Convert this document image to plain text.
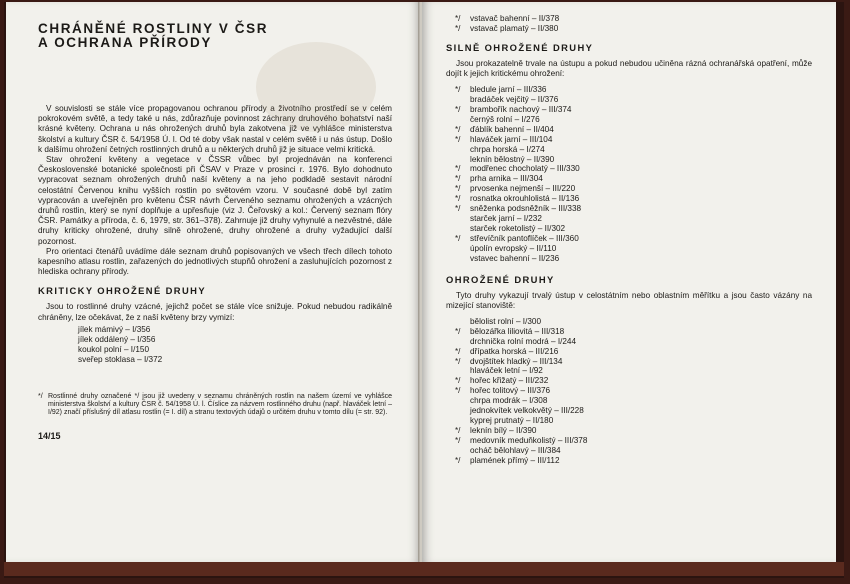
CHRÁNĚNÉ ROSTLINY V ČSR
A OCHRANA PŘÍRODY

V souvislosti se stále více propagovanou ochranou přírody a životního prostředí se v celém pokrokovém světě, a tedy také u nás, zdůrazňuje povinnost záchrany druhového bohatství naší krásné květeny. Ochrana u nás ohrožených druhů byla zakotvena již ve vyhlášce ministerstva školství a kultury ČSR č. 54/1958 Ú. l. Od té doby však nastal v celém světě i u nás ústup. Došlo k dalšímu ohrožení četných rostlinných druhů a u některých druhů již je situace velmi kritická.

Stav ohrožení květeny a vegetace v ČSSR vůbec byl projednáván na konferenci Československé botanické společnosti při ČSAV v Praze v prosinci r. 1976. Bylo dohodnuto vypracovat seznam ohrožených druhů naší květeny a na jeho podkladě sestavit národní celostátní Červenou knihu vyšších rostlin po světovém vzoru. V současné době byl zatím vypracován a uveřejněn pro květenu ČSR návrh Červeného seznamu ohrožených a vzácných druhů rostlin, který se nyní doplňuje a upřesňuje (viz J. Čeřovský a kol.: Červený seznam flóry ČSR. Památky a příroda, č. 6, 1979, str. 361–378). Zahrnuje již druhy vyhynulé a nezvěstné, dále druhy kriticky ohrožené, druhy silně ohrožené, druhy ohrožené a druhy vyžadující další pozornost.

Pro orientaci čtenářů uvádíme dále seznam druhů popisovaných ve všech třech dílech tohoto kapesního atlasu rostlin, zařazených do jednotlivých stupňů ohrožení a zasluhujících pozornost z hlediska ochrany přírody.

KRITICKY OHROŽENÉ DRUHY

Jsou to rostlinné druhy vzácné, jejichž počet se stále více snižuje. Pokud nebudou radikálně chráněny, lze očekávat, že z naší květeny brzy vymizí:

jílek mámivý – I/356
jílek oddálený – I/356
koukol polní – I/150
sveřep stoklasa – I/372
*/ Rostlinné druhy označené */ jsou již uvedeny v seznamu chráněných rostlin na našem území ve vyhlášce ministerstva školství a kultury ČSR č. 54/1958 Ú. l. Číslice za názvem rostlinného druhu (např. hlaváček letní – I/92) značí příslušný díl atlasu rostlin (= I. díl) a stranu textových údajů o určitém druhu v tomto dílu (= str. 92).
14/15
*/ vstavač bahenní – II/378
*/ vstavač plamatý – II/380
SILNĚ OHROŽENÉ DRUHY

Jsou prokazatelně trvale na ústupu a pokud nebudou učiněna rázná ochranářská opatření, může dojít k jejich kritickému ohrožení:

*/ bledule jarní – III/336
bradáček vejčitý – II/376
*/ brambořík nachový – III/374
černýš rolní – I/276
*/ ďáblík bahenní – II/404
*/ hlaváček jarní – III/104
chrpa horská – I/274
leknín bělostný – II/390
*/ modřenec chocholatý – III/330
*/ prha arnika – III/304
*/ prvosenka nejmenší – III/220
*/ rosnatka okrouhlolistá – II/136
*/ sněženka podsněžník – III/338
starček jarní – I/232
starček roketolistý – II/302
*/ střevíčník pantoflíček – III/360
úpolín evropský – II/110
vstavec bahenní – II/236
OHROŽENÉ DRUHY

Tyto druhy vykazují trvalý ústup v celostátním nebo oblastním měřítku a jsou často vázány na mizející stanoviště:

bělolist rolní – I/300
*/ bělozářka liliovitá – III/318
drchnička rolní modrá – I/244
*/ dřípatka horská – III/216
*/ dvojštítek hladký – III/134
hlaváček letní – I/92
*/ hořec křižatý – III/232
*/ hořec tolitový – III/376
chrpa modrák – I/308
jednokvítek velkokvětý – III/228
kyprej prutnatý – II/180
*/ leknín bílý – II/390
*/ medovník meduňkolistý – III/378
ocháč bělohlavý – III/384
*/ plamének přímý – III/112
